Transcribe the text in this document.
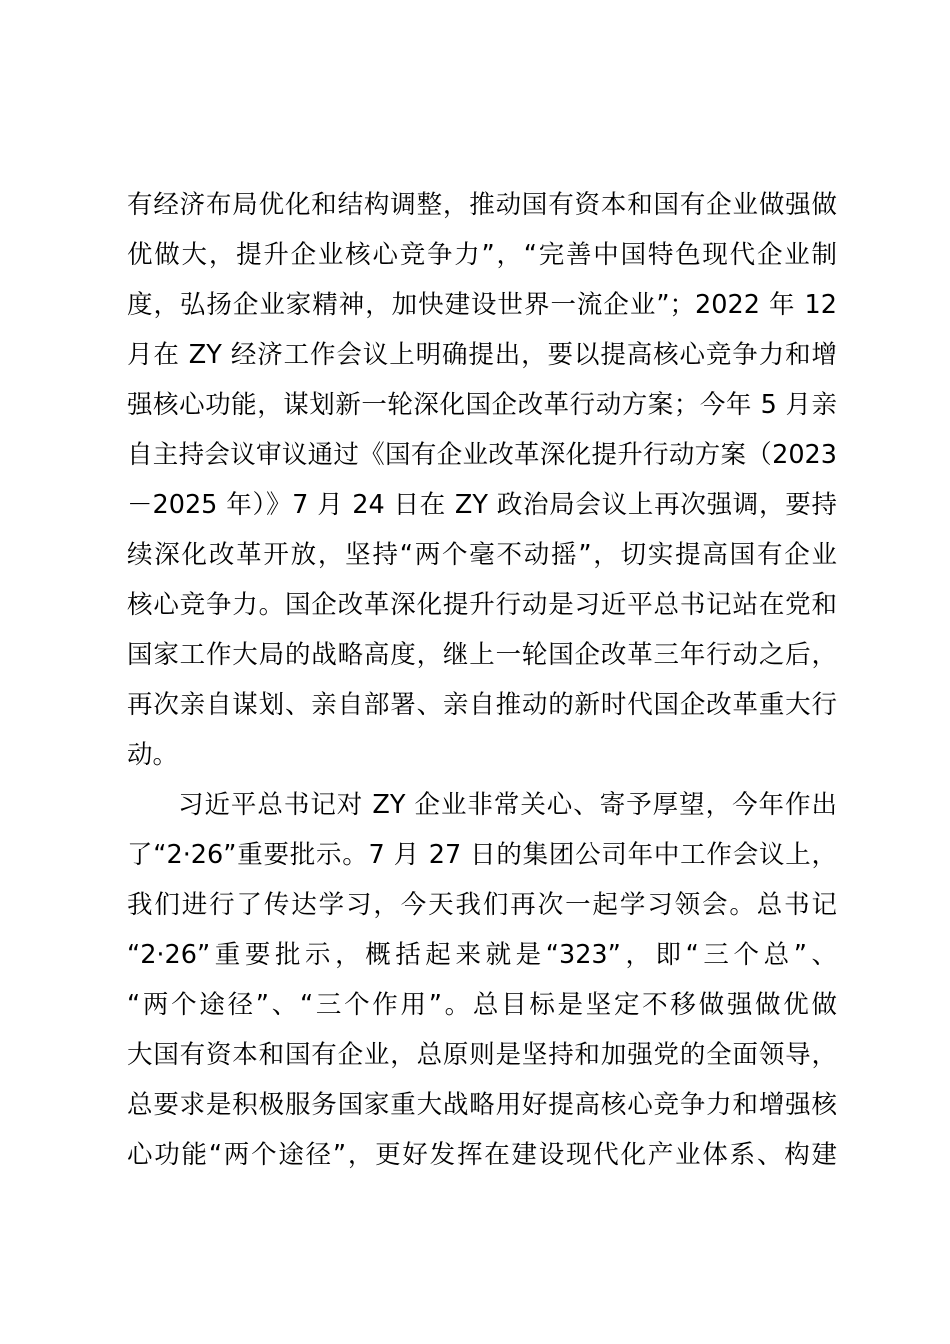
有经济布局优化和结构调整，推动国有资本和国有企业做强做
优做大，提升企业核心竞争力”，“完善中国特色现代企业制
度，弘扬企业家精神，加快建设世界一流企业”；2022 年 12
月在 ZY 经济工作会议上明确提出，要以提高核心竞争力和增
强核心功能，谋划新一轮深化国企改革行动方案；今年 5 月亲
自主持会议审议通过《国有企业改革深化提升行动方案（2023
－2025 年）》7 月 24 日在 ZY 政治局会议上再次强调，要持
续深化改革开放，坚持“两个毫不动摇”，切实提高国有企业
核心竞争力。国企改革深化提升行动是习近平总书记站在党和
国家工作大局的战略高度，继上一轮国企改革三年行动之后，
再次亲自谋划、亲自部署、亲自推动的新时代国企改革重大行
动。
习近平总书记对 ZY 企业非常关心、寄予厚望，今年作出
了“2·26”重要批示。7 月 27 日的集团公司年中工作会议上，
我们进行了传达学习，今天我们再次一起学习领会。总书记
“2·26”重要批示，概括起来就是“323”，即“三个总”、
“两个途径”、“三个作用”。总目标是坚定不移做强做优做
大国有资本和国有企业，总原则是坚持和加强党的全面领导，
总要求是积极服务国家重大战略用好提高核心竞争力和增强核
心功能“两个途径”，更好发挥在建设现代化产业体系、构建
